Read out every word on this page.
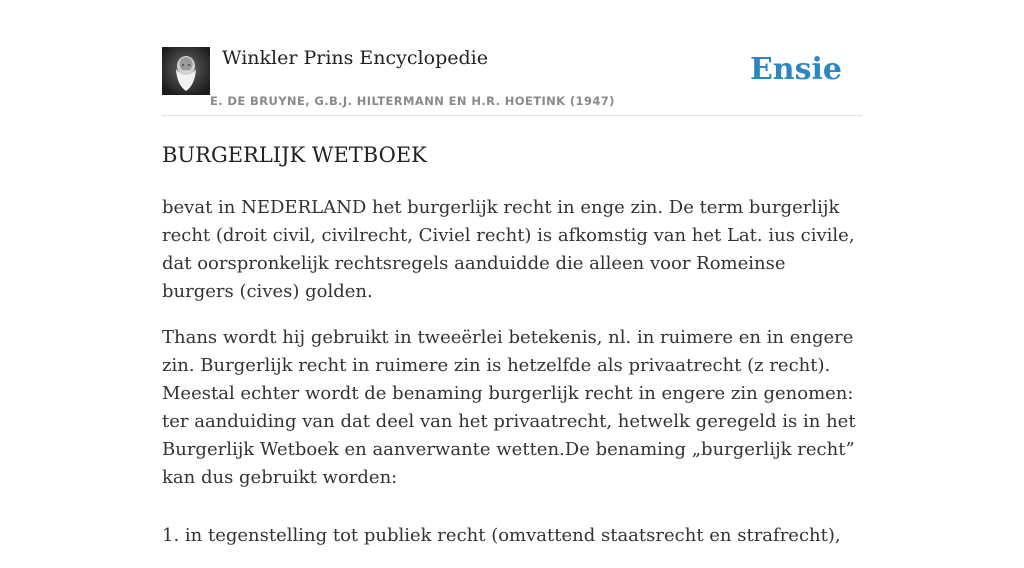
Winkler Prins Encyclopedie
E. DE BRUYNE, G.B.J. HILTERMANN EN H.R. HOETINK (1947)
Ensie
BURGERLIJK WETBOEK

bevat in NEDERLAND het burgerlijk recht in enge zin. De term burgerlijk recht (droit civil, civilrecht, Civiel recht) is afkomstig van het Lat. ius civile, dat oorspronkelijk rechtsregels aanduidde die alleen voor Romeinse burgers (cives) golden.

Thans wordt hij gebruikt in tweeërlei betekenis, nl. in ruimere en in engere zin. Burgerlijk recht in ruimere zin is hetzelfde als privaatrecht (z recht). Meestal echter wordt de benaming burgerlijk recht in engere zin genomen: ter aanduiding van dat deel van het privaatrecht, hetwelk geregeld is in het Burgerlijk Wetboek en aanverwante wetten.De benaming „burgerlijk recht” kan dus gebruikt worden:

1. in tegenstelling tot publiek recht (omvattend staatsrecht en strafrecht),
